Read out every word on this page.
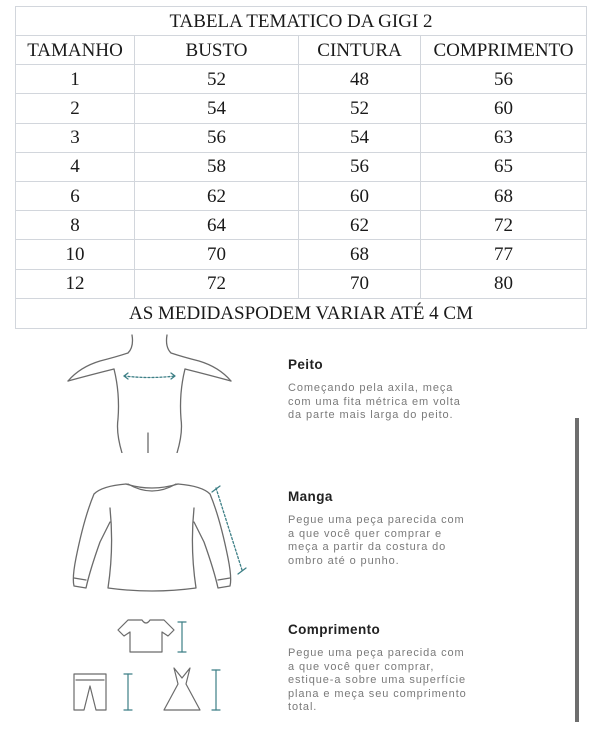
TABELA TEMATICO DA GIGI 2			
TAMANHO	BUSTO	CINTURA	COMPRIMENTO
1	52	48	56
2	54	52	60
3	56	54	63
4	58	56	65
6	62	60	68
8	64	62	72
10	70	68	77
12	72	70	80
AS MEDIDASPODEM VARIAR ATÉ 4 CM			
Peito
Começando pela axila, meça
com uma fita métrica em volta
da parte mais larga do peito.
Manga
Pegue uma peça parecida com
a que você quer comprar e
meça a partir da costura do
ombro até o punho.
Comprimento
Pegue uma peça parecida com
a que você quer comprar,
estique-a sobre uma superfície
plana e meça seu comprimento
total.
